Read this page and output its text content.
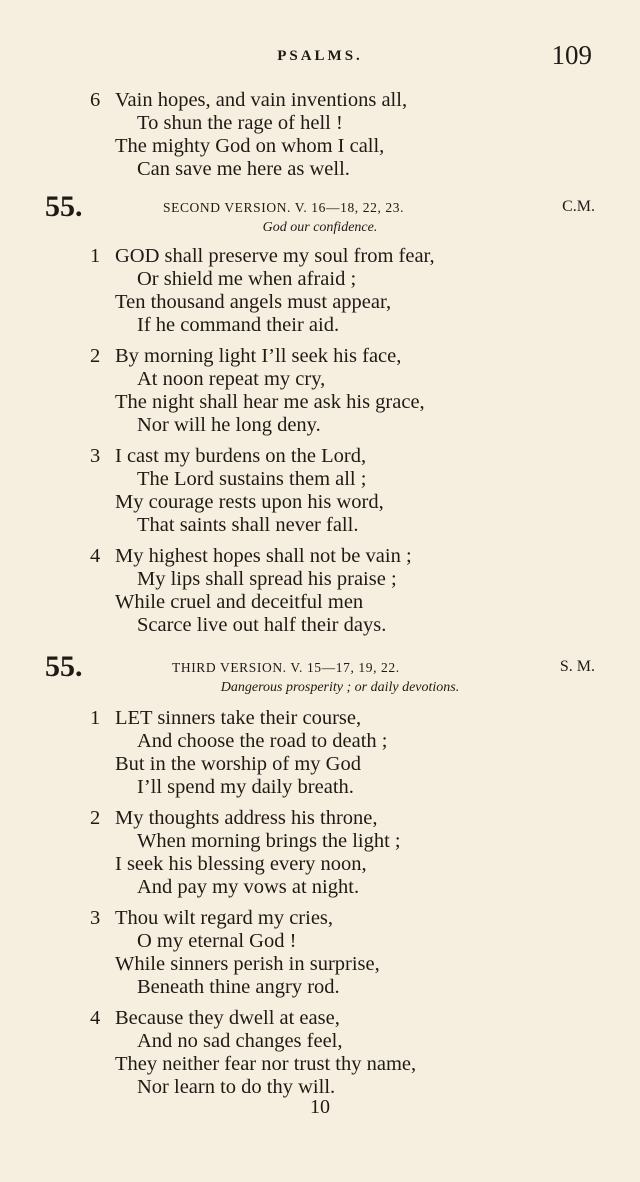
PSALMS.	109
6 Vain hopes, and vain inventions all,
To shun the rage of hell !
The mighty God on whom I call,
Can save me here as well.
55.	SECOND VERSION. V. 16—18, 22, 23.	C.M.
God our confidence.
1 GOD shall preserve my soul from fear,
Or shield me when afraid ;
Ten thousand angels must appear,
If he command their aid.
2 By morning light I’ll seek his face,
At noon repeat my cry,
The night shall hear me ask his grace,
Nor will he long deny.
3 I cast my burdens on the Lord,
The Lord sustains them all ;
My courage rests upon his word,
That saints shall never fall.
4 My highest hopes shall not be vain ;
My lips shall spread his praise ;
While cruel and deceitful men
Scarce live out half their days.
55.	THIRD VERSION. V. 15—17, 19, 22.	S. M.
Dangerous prosperity ; or daily devotions.
1 LET sinners take their course,
And choose the road to death ;
But in the worship of my God
I’ll spend my daily breath.
2 My thoughts address his throne,
When morning brings the light ;
I seek his blessing every noon,
And pay my vows at night.
3 Thou wilt regard my cries,
O my eternal God !
While sinners perish in surprise,
Beneath thine angry rod.
4 Because they dwell at ease,
And no sad changes feel,
They neither fear nor trust thy name,
Nor learn to do thy will.
10
